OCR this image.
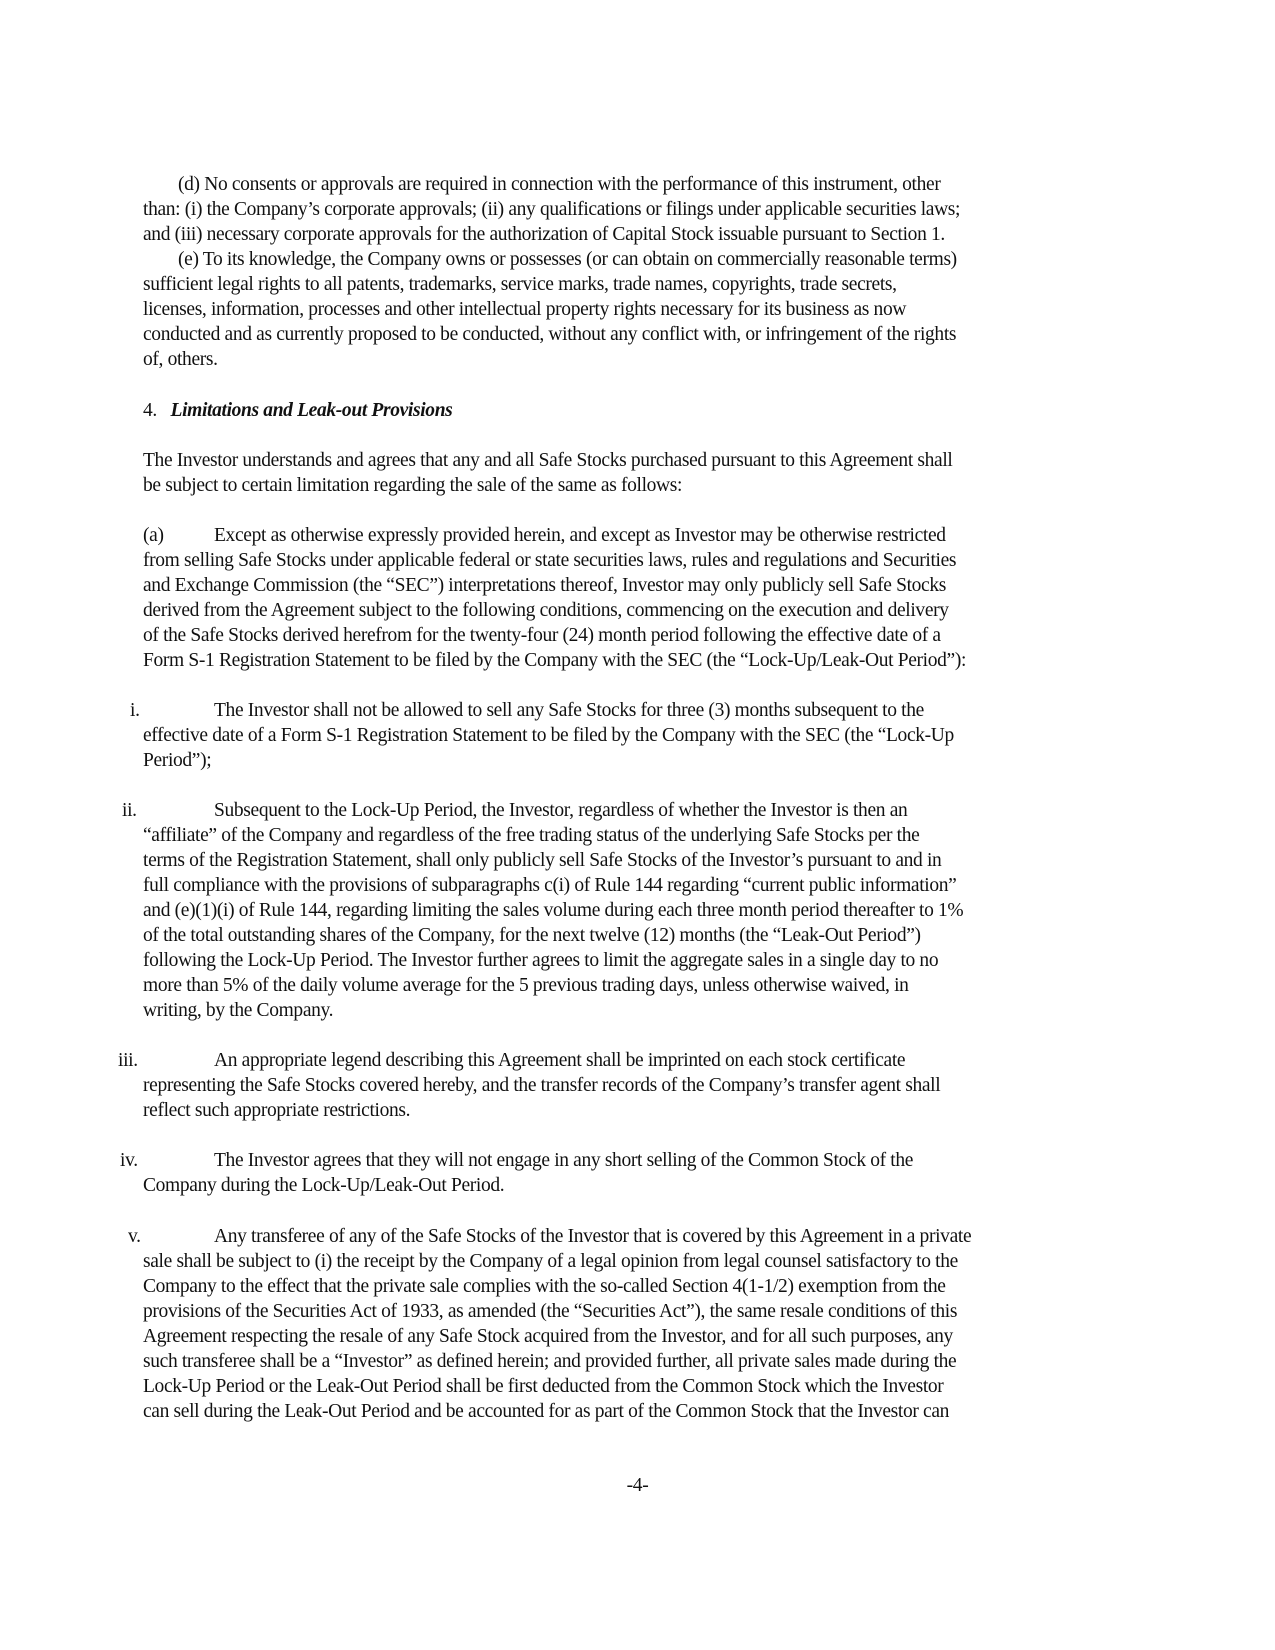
(d) No consents or approvals are required in connection with the performance of this instrument, other
than: (i) the Company’s corporate approvals; (ii) any qualifications or filings under applicable securities laws;
and (iii) necessary corporate approvals for the authorization of Capital Stock issuable pursuant to Section 1.
(e) To its knowledge, the Company owns or possesses (or can obtain on commercially reasonable terms)
sufficient legal rights to all patents, trademarks, service marks, trade names, copyrights, trade secrets,
licenses, information, processes and other intellectual property rights necessary for its business as now
conducted and as currently proposed to be conducted, without any conflict with, or infringement of the rights
of, others.
4. Limitations and Leak-out Provisions
The Investor understands and agrees that any and all Safe Stocks purchased pursuant to this Agreement shall
be subject to certain limitation regarding the sale of the same as follows:
(a)	Except as otherwise expressly provided herein, and except as Investor may be otherwise restricted
from selling Safe Stocks under applicable federal or state securities laws, rules and regulations and Securities
and Exchange Commission (the “SEC”) interpretations thereof, Investor may only publicly sell Safe Stocks
derived from the Agreement subject to the following conditions, commencing on the execution and delivery
of the Safe Stocks derived herefrom for the twenty-four (24) month period following the effective date of a
Form S-1 Registration Statement to be filed by the Company with the SEC (the “Lock-Up/Leak-Out Period”):
i.	The Investor shall not be allowed to sell any Safe Stocks for three (3) months subsequent to the
effective date of a Form S-1 Registration Statement to be filed by the Company with the SEC (the “Lock-Up
Period”);
ii.	Subsequent to the Lock-Up Period, the Investor, regardless of whether the Investor is then an
“affiliate” of the Company and regardless of the free trading status of the underlying Safe Stocks per the
terms of the Registration Statement, shall only publicly sell Safe Stocks of the Investor’s pursuant to and in
full compliance with the provisions of subparagraphs c(i) of Rule 144 regarding “current public information”
and (e)(1)(i) of Rule 144, regarding limiting the sales volume during each three month period thereafter to 1%
of the total outstanding shares of the Company, for the next twelve (12) months (the “Leak-Out Period”)
following the Lock-Up Period. The Investor further agrees to limit the aggregate sales in a single day to no
more than 5% of the daily volume average for the 5 previous trading days, unless otherwise waived, in
writing, by the Company.
iii.	An appropriate legend describing this Agreement shall be imprinted on each stock certificate
representing the Safe Stocks covered hereby, and the transfer records of the Company’s transfer agent shall
reflect such appropriate restrictions.
iv.	The Investor agrees that they will not engage in any short selling of the Common Stock of the
Company during the Lock-Up/Leak-Out Period.
v.	Any transferee of any of the Safe Stocks of the Investor that is covered by this Agreement in a private
sale shall be subject to (i) the receipt by the Company of a legal opinion from legal counsel satisfactory to the
Company to the effect that the private sale complies with the so-called Section 4(1-1/2) exemption from the
provisions of the Securities Act of 1933, as amended (the “Securities Act”), the same resale conditions of this
Agreement respecting the resale of any Safe Stock acquired from the Investor, and for all such purposes, any
such transferee shall be a “Investor” as defined herein; and provided further, all private sales made during the
Lock-Up Period or the Leak-Out Period shall be first deducted from the Common Stock which the Investor
can sell during the Leak-Out Period and be accounted for as part of the Common Stock that the Investor can
-4-
